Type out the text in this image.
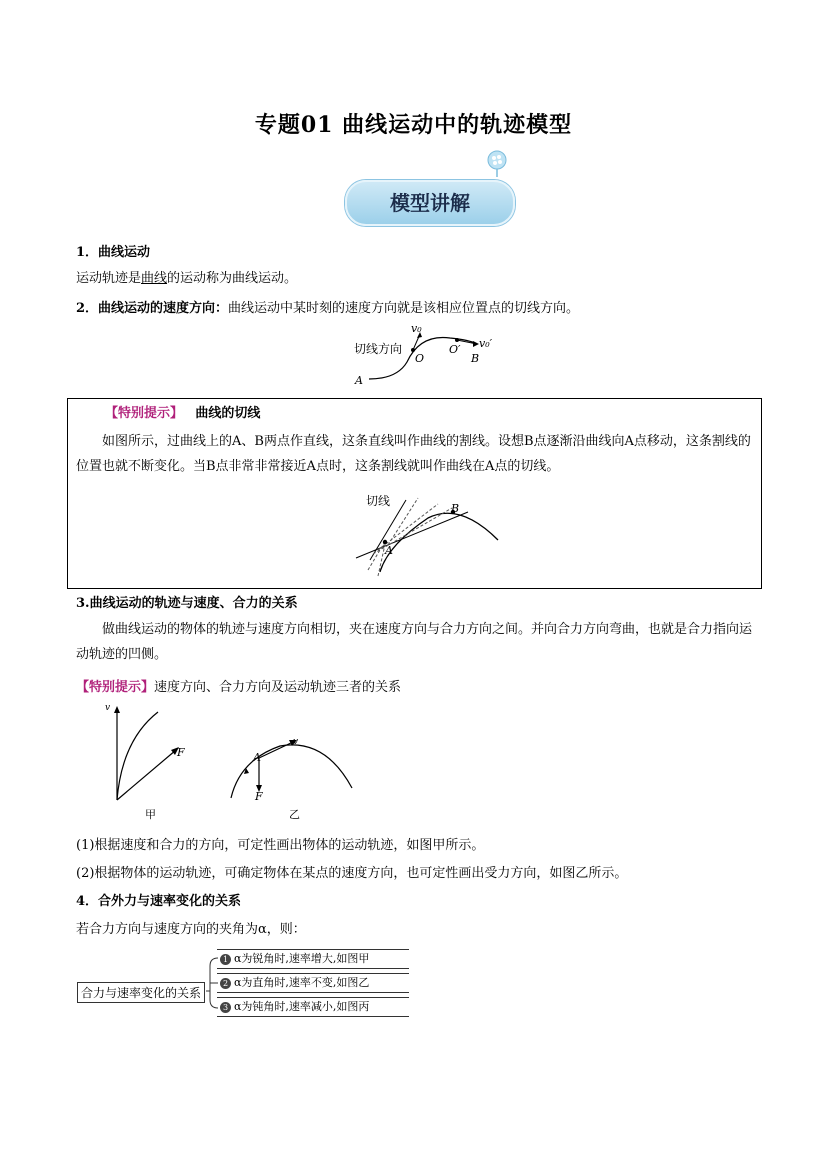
专题01 曲线运动中的轨迹模型
模型讲解
1．曲线运动
运动轨迹是曲线的运动称为曲线运动。
2．曲线运动的速度方向：曲线运动中某时刻的速度方向就是该相应位置点的切线方向。
切线方向
v₀
O
O′ v₀′
B
A
【特别提示】 曲线的切线
如图所示，过曲线上的A、B两点作直线，这条直线叫作曲线的割线。设想B点逐渐沿曲线向A点移动，这条割线的位置也就不断变化。当B点非常非常接近A点时，这条割线就叫作曲线在A点的切线。
切线
A
B
3.曲线运动的轨迹与速度、合力的关系
做曲线运动的物体的轨迹与速度方向相切，夹在速度方向与合力方向之间。并向合力方向弯曲，也就是合力指向运动轨迹的凹侧。
【特别提示】速度方向、合力方向及运动轨迹三者的关系
v
F
甲
A
v
F
乙
(1)根据速度和合力的方向，可定性画出物体的运动轨迹，如图甲所示。
(2)根据物体的运动轨迹，可确定物体在某点的速度方向，也可定性画出受力方向，如图乙所示。
4．合外力与速率变化的关系
若合力方向与速度方向的夹角为α，则：
合力与速率变化的关系
1 α为锐角时,速率增大,如图甲
2 α为直角时,速率不变,如图乙
3 α为钝角时,速率减小,如图丙
